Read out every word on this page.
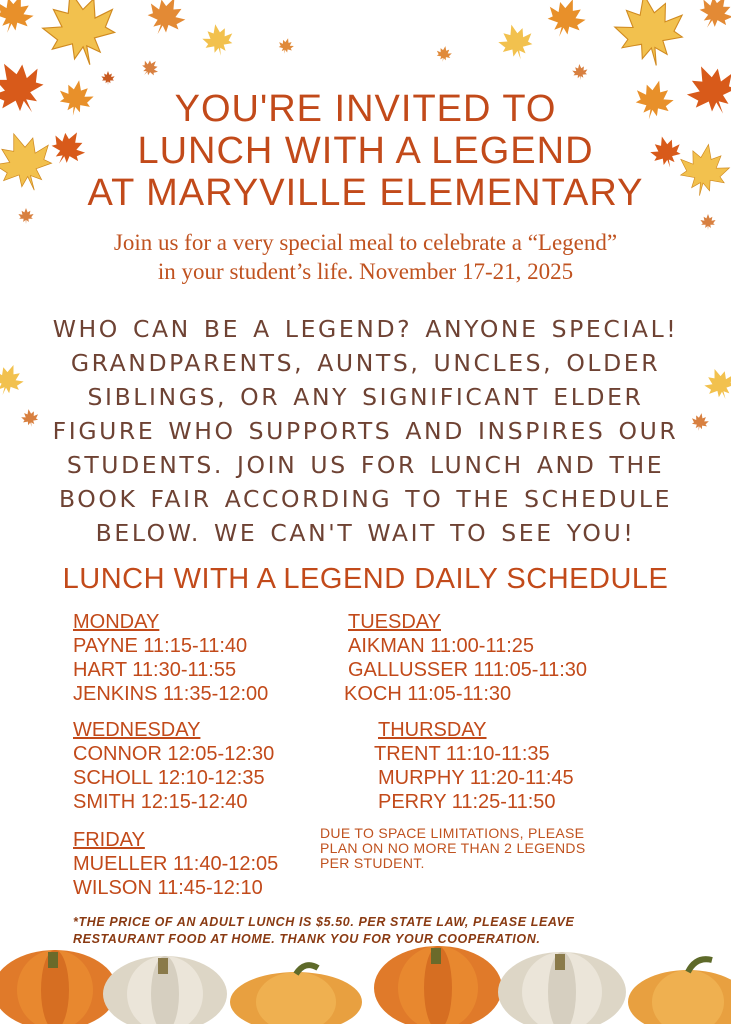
YOU'RE INVITED TO
LUNCH WITH A LEGEND
AT MARYVILLE ELEMENTARY
Join us for a very special meal to celebrate a “Legend”
in your student’s life. November 17-21, 2025
WHO CAN BE A LEGEND? ANYONE SPECIAL!
GRANDPARENTS, AUNTS, UNCLES, OLDER
SIBLINGS, OR ANY SIGNIFICANT ELDER
FIGURE WHO SUPPORTS AND INSPIRES OUR
STUDENTS. JOIN US FOR LUNCH AND THE
BOOK FAIR ACCORDING TO THE SCHEDULE
BELOW. WE CAN'T WAIT TO SEE YOU!
LUNCH WITH A LEGEND DAILY SCHEDULE
MONDAY
PAYNE 11:15-11:40
HART 11:30-11:55
JENKINS 11:35-12:00
TUESDAY
AIKMAN 11:00-11:25
GALLUSSER 111:05-11:30
KOCH 11:05-11:30
WEDNESDAY
CONNOR 12:05-12:30
SCHOLL 12:10-12:35
SMITH 12:15-12:40
THURSDAY
TRENT 11:10-11:35
MURPHY 11:20-11:45
PERRY 11:25-11:50
FRIDAY
MUELLER 11:40-12:05
WILSON 11:45-12:10
DUE TO SPACE LIMITATIONS, PLEASE
PLAN ON NO MORE THAN 2 LEGENDS
PER STUDENT.
*THE PRICE OF AN ADULT LUNCH IS $5.50. PER STATE LAW, PLEASE LEAVE
RESTAURANT FOOD AT HOME. THANK YOU FOR YOUR COOPERATION.
